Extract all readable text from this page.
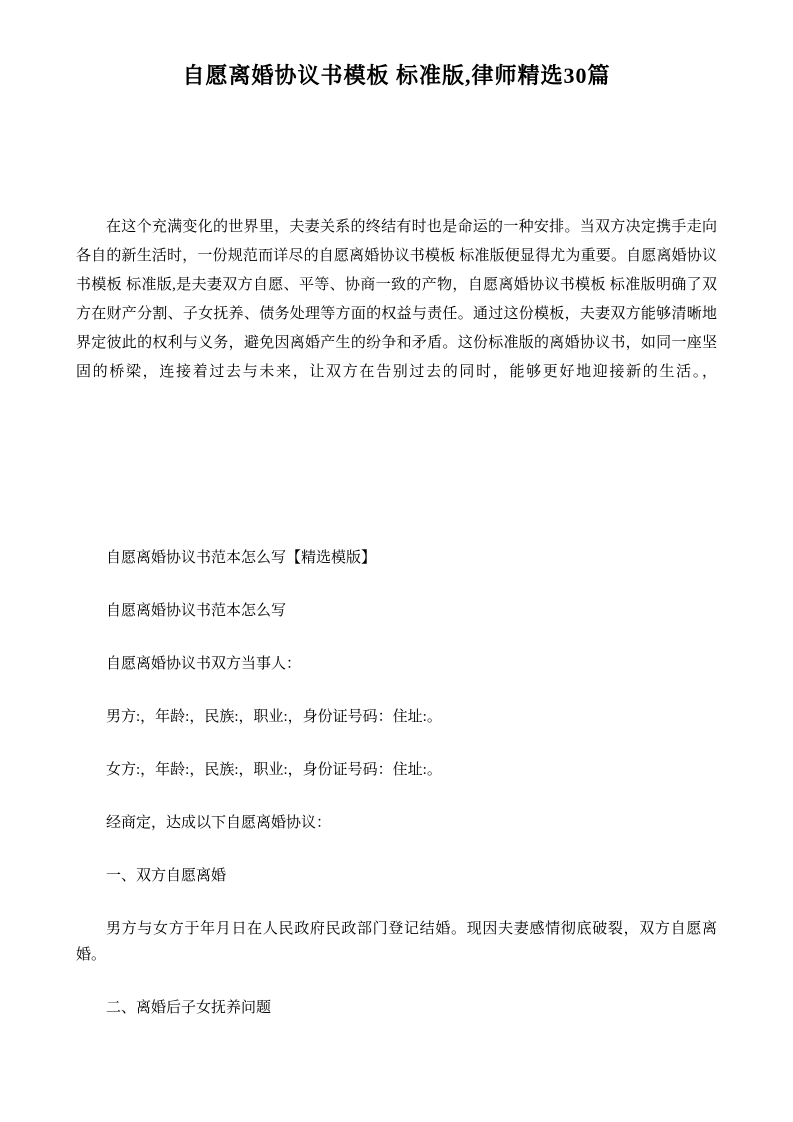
自愿离婚协议书模板 标准版,律师精选30篇

在这个充满变化的世界里，夫妻关系的终结有时也是命运的一种安排。当双方决定携手走向各自的新生活时，一份规范而详尽的自愿离婚协议书模板 标准版便显得尤为重要。自愿离婚协议书模板 标准版,是夫妻双方自愿、平等、协商一致的产物，自愿离婚协议书模板 标准版明确了双方在财产分割、子女抚养、债务处理等方面的权益与责任。通过这份模板，夫妻双方能够清晰地界定彼此的权利与义务，避免因离婚产生的纷争和矛盾。这份标准版的离婚协议书，如同一座坚固的桥梁，连接着过去与未来，让双方在告别过去的同时，能够更好地迎接新的生活。，

自愿离婚协议书范本怎么写【精选模版】

自愿离婚协议书范本怎么写

自愿离婚协议书双方当事人：

男方:，年龄:，民族:，职业:，身份证号码：住址:。

女方:，年龄:，民族:，职业:，身份证号码：住址:。

经商定，达成以下自愿离婚协议：

一、双方自愿离婚

男方与女方于年月日在人民政府民政部门登记结婚。现因夫妻感情彻底破裂，双方自愿离婚。

二、离婚后子女抚养问题
